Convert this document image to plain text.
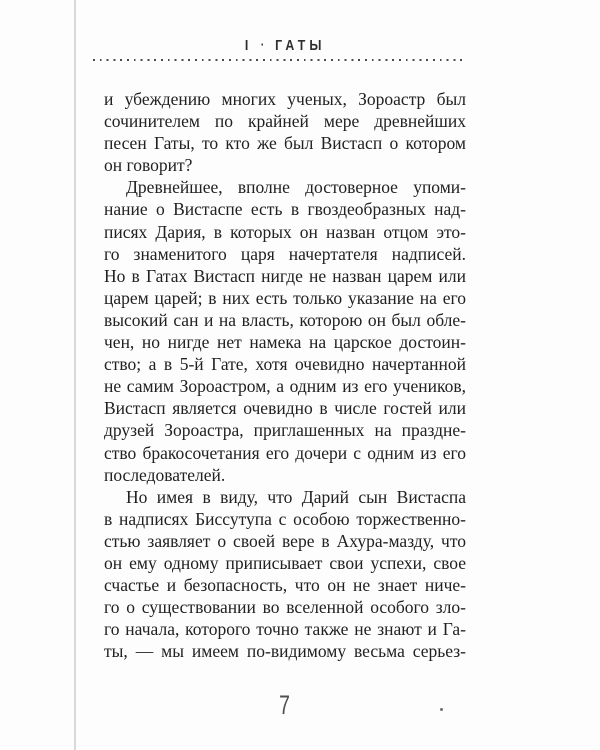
I · ГАТЫ
и убеждению многих ученых, Зороастр был
сочинителем по крайней мере древнейших
песен Гаты, то кто же был Вистасп о котором
он говорит?
Древнейшее, вполне достоверное упоми-
нание о Вистаспе есть в гвоздеобразных над-
писях Дария, в которых он назван отцом это-
го знаменитого царя начертателя надписей.
Но в Гатах Вистасп нигде не назван царем или
царем царей; в них есть только указание на его
высокий сан и на власть, которою он был обле-
чен, но нигде нет намека на царское достоин-
ство; а в 5-й Гате, хотя очевидно начертанной
не самим Зороастром, а одним из его учеников,
Вистасп является очевидно в числе гостей или
друзей Зороастра, приглашенных на праздне-
ство бракосочетания его дочери с одним из его
последователей.
Но имея в виду, что Дарий сын Вистаспа
в надписях Биссутупа с особою торжественно-
стью заявляет о своей вере в Ахура-мазду, что
он ему одному приписывает свои успехи, свое
счастье и безопасность, что он не знает ниче-
го о существовании во вселенной особого зло-
го начала, которого точно также не знают и Га-
ты, — мы имеем по-видимому весьма серьез-
7
